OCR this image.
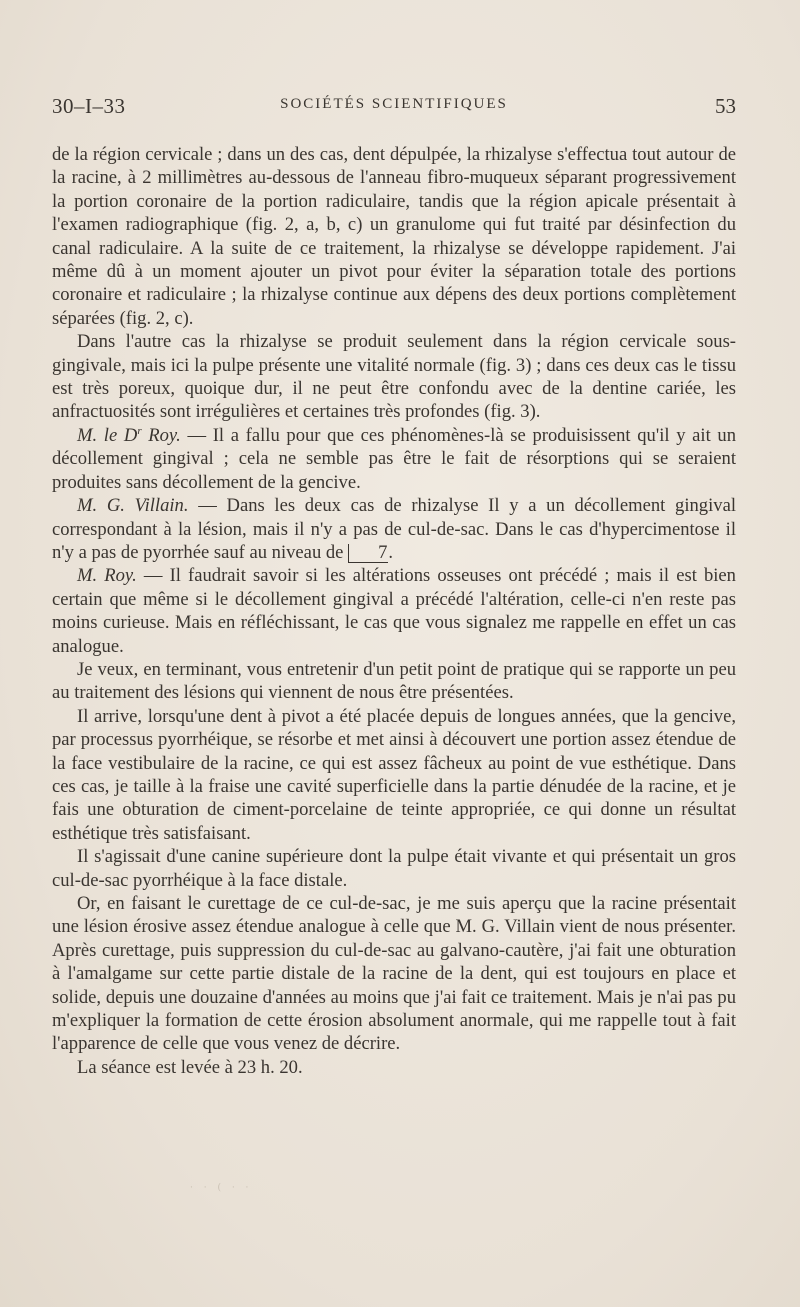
30–I–33	SOCIÉTÉS SCIENTIFIQUES	53

de la région cervicale ; dans un des cas, dent dépulpée, la rhizalyse s'effectua tout autour de la racine, à 2 millimètres au-dessous de l'anneau fibro-muqueux séparant progressivement la portion coronaire de la portion radiculaire, tandis que la région apicale présentait à l'examen radiographique (fig. 2, a, b, c) un granulome qui fut traité par désinfection du canal radiculaire. A la suite de ce traitement, la rhizalyse se développe rapidement. J'ai même dû à un moment ajouter un pivot pour éviter la séparation totale des portions coronaire et radiculaire ; la rhizalyse continue aux dépens des deux portions complètement séparées (fig. 2, c).

Dans l'autre cas la rhizalyse se produit seulement dans la région cervicale sous-gingivale, mais ici la pulpe présente une vitalité normale (fig. 3) ; dans ces deux cas le tissu est très poreux, quoique dur, il ne peut être confondu avec de la dentine cariée, les anfractuosités sont irrégulières et certaines très profondes (fig. 3).

M. le $D^r$ Roy. — Il a fallu pour que ces phénomènes-là se produisissent qu'il y ait un décollement gingival ; cela ne semble pas être le fait de résorptions qui se seraient produites sans décollement de la gencive.

M. G. Villain. — Dans les deux cas de rhizalyse Il y a un décollement gingival correspondant à la lésion, mais il n'y a pas de cul-de-sac. Dans le cas d'hypercimentose il n'y a pas de pyorrhée sauf au niveau de 7.

M. Roy. — Il faudrait savoir si les altérations osseuses ont précédé ; mais il est bien certain que même si le décollement gingival a précédé l'altération, celle-ci n'en reste pas moins curieuse. Mais en réfléchissant, le cas que vous signalez me rappelle en effet un cas analogue.

Je veux, en terminant, vous entretenir d'un petit point de pratique qui se rapporte un peu au traitement des lésions qui viennent de nous être présentées.

Il arrive, lorsqu'une dent à pivot a été placée depuis de longues années, que la gencive, par processus pyorrhéique, se résorbe et met ainsi à découvert une portion assez étendue de la face vestibulaire de la racine, ce qui est assez fâcheux au point de vue esthétique. Dans ces cas, je taille à la fraise une cavité superficielle dans la partie dénudée de la racine, et je fais une obturation de ciment-porcelaine de teinte appropriée, ce qui donne un résultat esthétique très satisfaisant.

Il s'agissait d'une canine supérieure dont la pulpe était vivante et qui présentait un gros cul-de-sac pyorrhéique à la face distale.

Or, en faisant le curettage de ce cul-de-sac, je me suis aperçu que la racine présentait une lésion érosive assez étendue analogue à celle que M. G. Villain vient de nous présenter. Après curettage, puis suppression du cul-de-sac au galvano-cautère, j'ai fait une obturation à l'amalgame sur cette partie distale de la racine de la dent, qui est toujours en place et solide, depuis une douzaine d'années au moins que j'ai fait ce traitement. Mais je n'ai pas pu m'expliquer la formation de cette érosion absolument anormale, qui me rappelle tout à fait l'apparence de celle que vous venez de décrire.

La séance est levée à 23 h. 20.

· · ( · ·
